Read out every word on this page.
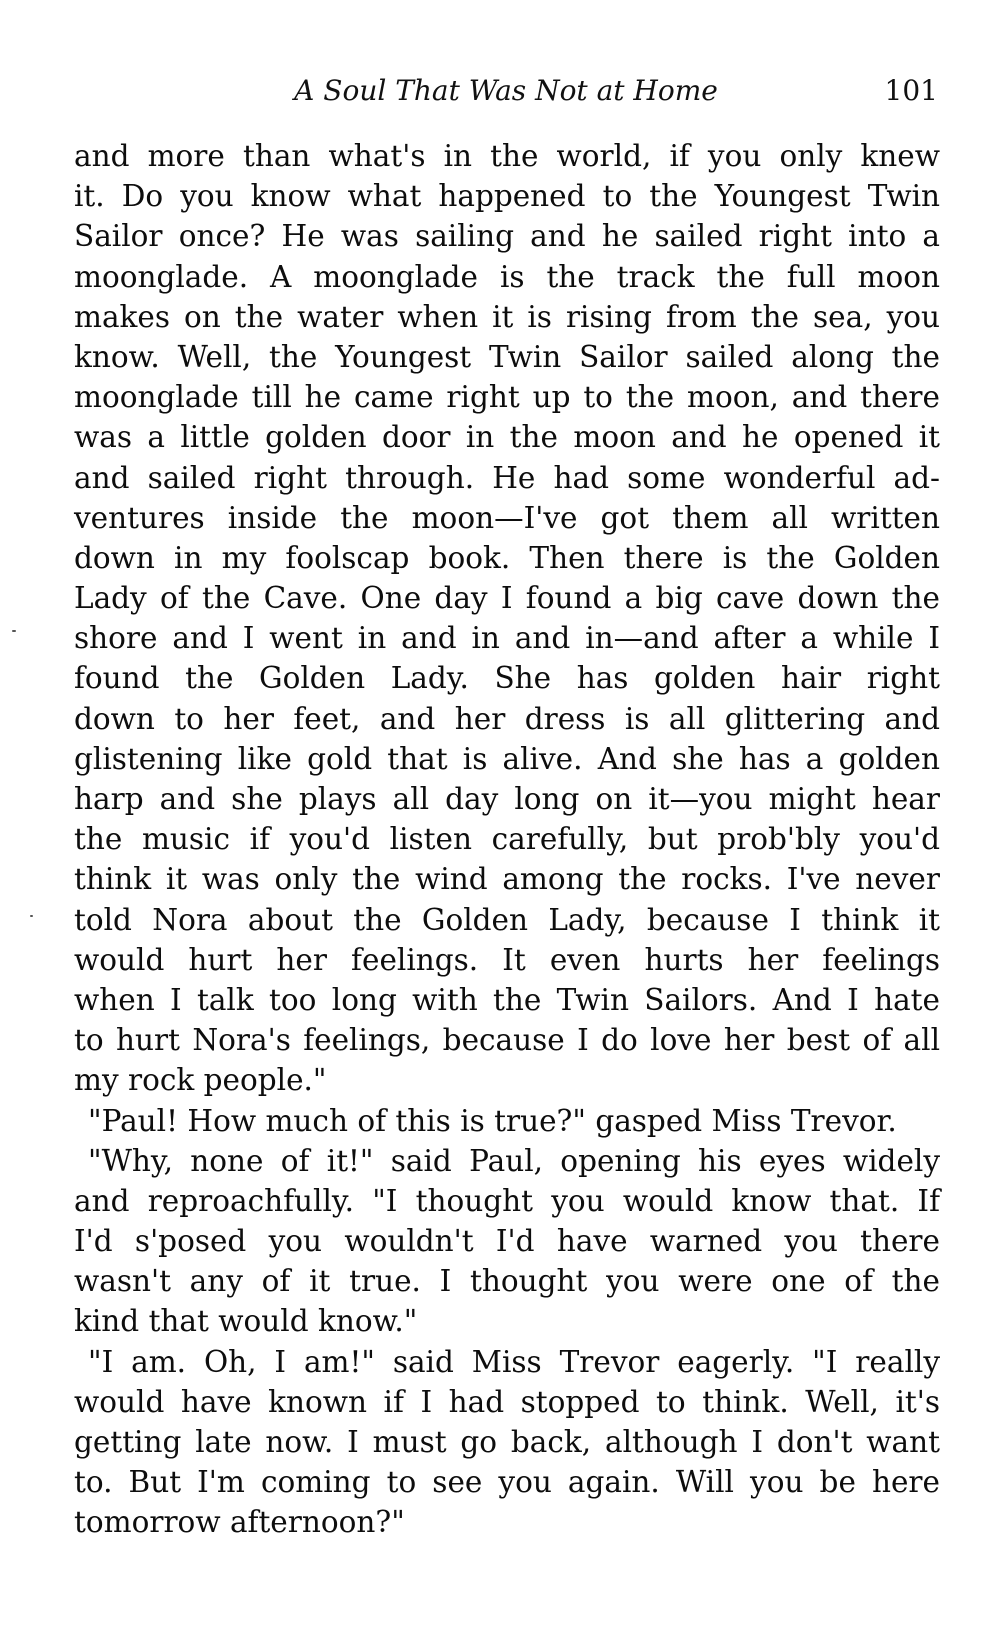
A Soul That Was Not at Home	101
and more than what's in the world, if you only knew
it. Do you know what happened to the Youngest Twin
Sailor once? He was sailing and he sailed right into a
moonglade. A moonglade is the track the full moon
makes on the water when it is rising from the sea, you
know. Well, the Youngest Twin Sailor sailed along the
moonglade till he came right up to the moon, and there
was a little golden door in the moon and he opened it
and sailed right through. He had some wonderful ad-
ventures inside the moon—I've got them all written
down in my foolscap book. Then there is the Golden
Lady of the Cave. One day I found a big cave down the
shore and I went in and in and in—and after a while I
found the Golden Lady. She has golden hair right
down to her feet, and her dress is all glittering and
glistening like gold that is alive. And she has a golden
harp and she plays all day long on it—you might hear
the music if you'd listen carefully, but prob'bly you'd
think it was only the wind among the rocks. I've never
told Nora about the Golden Lady, because I think it
would hurt her feelings. It even hurts her feelings
when I talk too long with the Twin Sailors. And I hate
to hurt Nora's feelings, because I do love her best of all
my rock people."
"Paul! How much of this is true?" gasped Miss Trevor.
"Why, none of it!" said Paul, opening his eyes widely
and reproachfully. "I thought you would know that. If
I'd s'posed you wouldn't I'd have warned you there
wasn't any of it true. I thought you were one of the
kind that would know."
"I am. Oh, I am!" said Miss Trevor eagerly. "I really
would have known if I had stopped to think. Well, it's
getting late now. I must go back, although I don't want
to. But I'm coming to see you again. Will you be here
tomorrow afternoon?"
